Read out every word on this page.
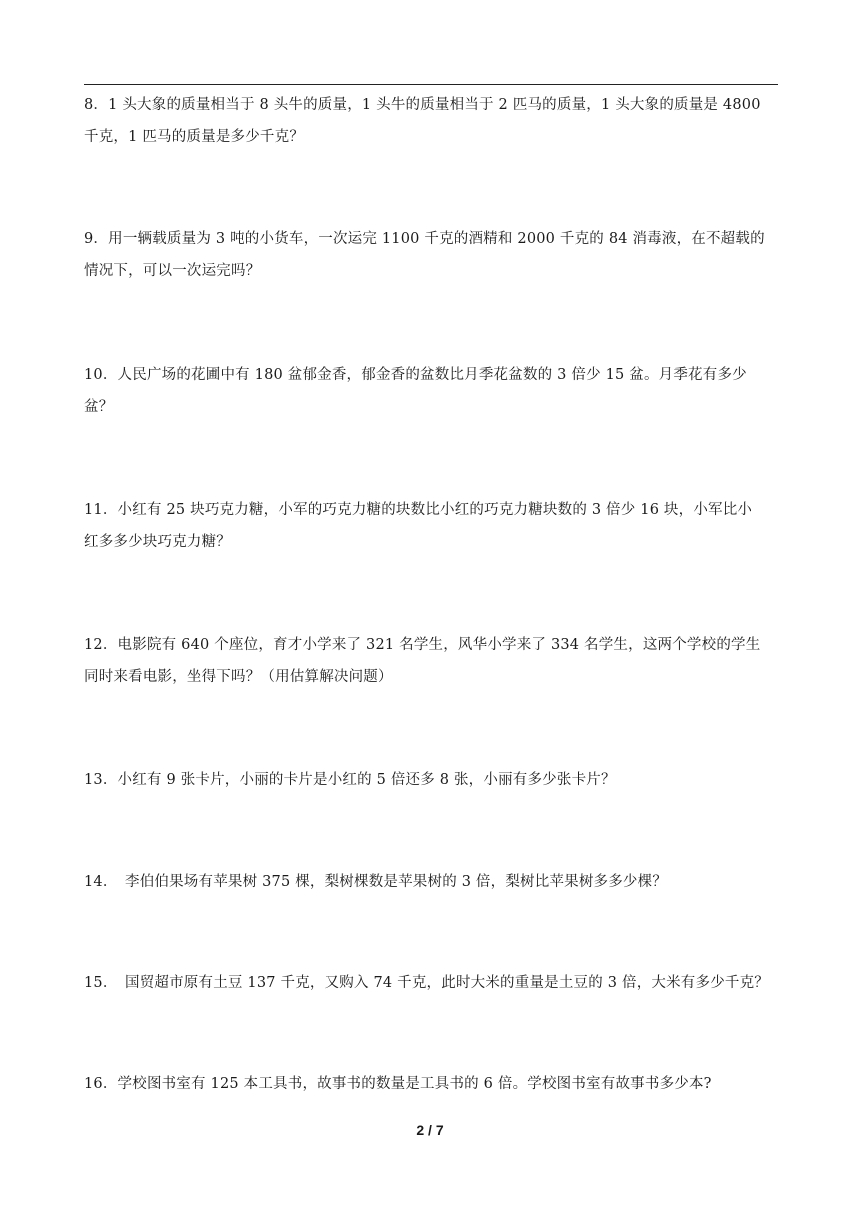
8．1 头大象的质量相当于 8 头牛的质量，1 头牛的质量相当于 2 匹马的质量，1 头大象的质量是 4800
千克，1 匹马的质量是多少千克？
9．用一辆载质量为 3 吨的小货车，一次运完 1100 千克的酒精和 2000 千克的 84 消毒液，在不超载的
情况下，可以一次运完吗？
10．人民广场的花圃中有 180 盆郁金香，郁金香的盆数比月季花盆数的 3 倍少 15 盆。月季花有多少
盆？
11．小红有 25 块巧克力糖，小军的巧克力糖的块数比小红的巧克力糖块数的 3 倍少 16 块，小军比小
红多多少块巧克力糖？
12．电影院有 640 个座位，育才小学来了 321 名学生，风华小学来了 334 名学生，这两个学校的学生
同时来看电影，坐得下吗？（用估算解决问题）
13．小红有 9 张卡片，小丽的卡片是小红的 5 倍还多 8 张，小丽有多少张卡片？
14．　李伯伯果场有苹果树 375 棵，梨树棵数是苹果树的 3 倍，梨树比苹果树多多少棵？
15．　国贸超市原有土豆 137 千克，又购入 74 千克，此时大米的重量是土豆的 3 倍，大米有多少千克？
16．学校图书室有 125 本工具书，故事书的数量是工具书的 6 倍。学校图书室有故事书多少本?
2 / 7
